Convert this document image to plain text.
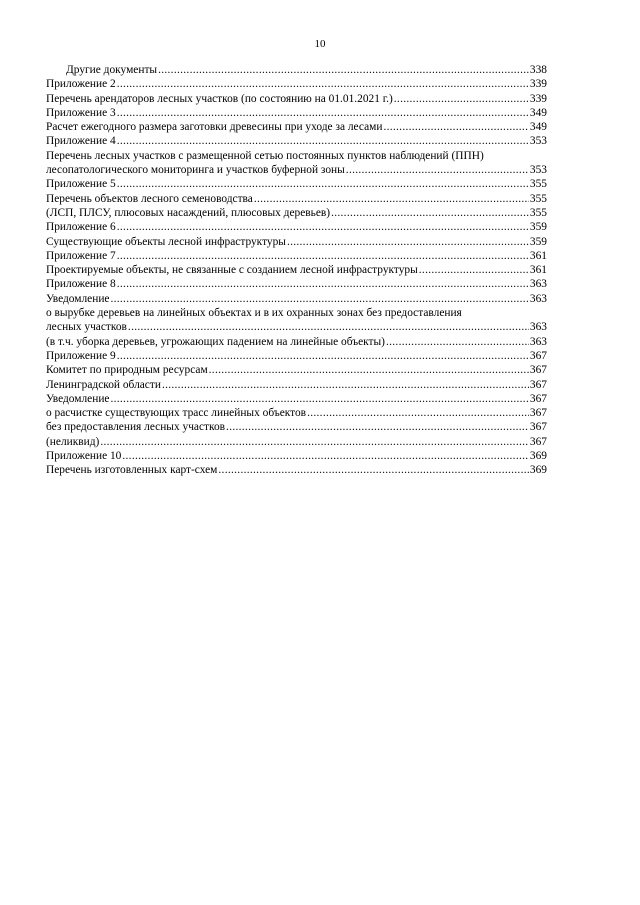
10
Другие документы .....	338
Приложение 2 .....	339
Перечень арендаторов лесных участков (по состоянию на 01.01.2021 г.) .....	339
Приложение 3 .....	349
Расчет ежегодного размера заготовки древесины при уходе за лесами .....	349
Приложение 4 .....	353
Перечень лесных участков с размещенной сетью постоянных пунктов наблюдений (ППН)
лесопатологического мониторинга и участков буферной зоны .....	353
Приложение 5 .....	355
Перечень объектов лесного семеноводства .....	355
(ЛСП, ПЛСУ, плюсовых насаждений, плюсовых деревьев) .....	355
Приложение 6 .....	359
Существующие объекты лесной инфраструктуры .....	359
Приложение 7 .....	361
Проектируемые объекты, не связанные с созданием лесной инфраструктуры .....	361
Приложение 8 .....	363
Уведомление .....	363
о вырубке деревьев на линейных объектах и в их охранных зонах без предоставления
лесных участков .....	363
(в т.ч. уборка деревьев, угрожающих падением на линейные объекты) .....	363
Приложение 9 .....	367
Комитет по природным ресурсам .....	367
Ленинградской области .....	367
Уведомление .....	367
о расчистке существующих трасс линейных объектов .....	367
без предоставления лесных участков .....	367
(неликвид) .....	367
Приложение 10 .....	369
Перечень изготовленных карт-схем .....	369
